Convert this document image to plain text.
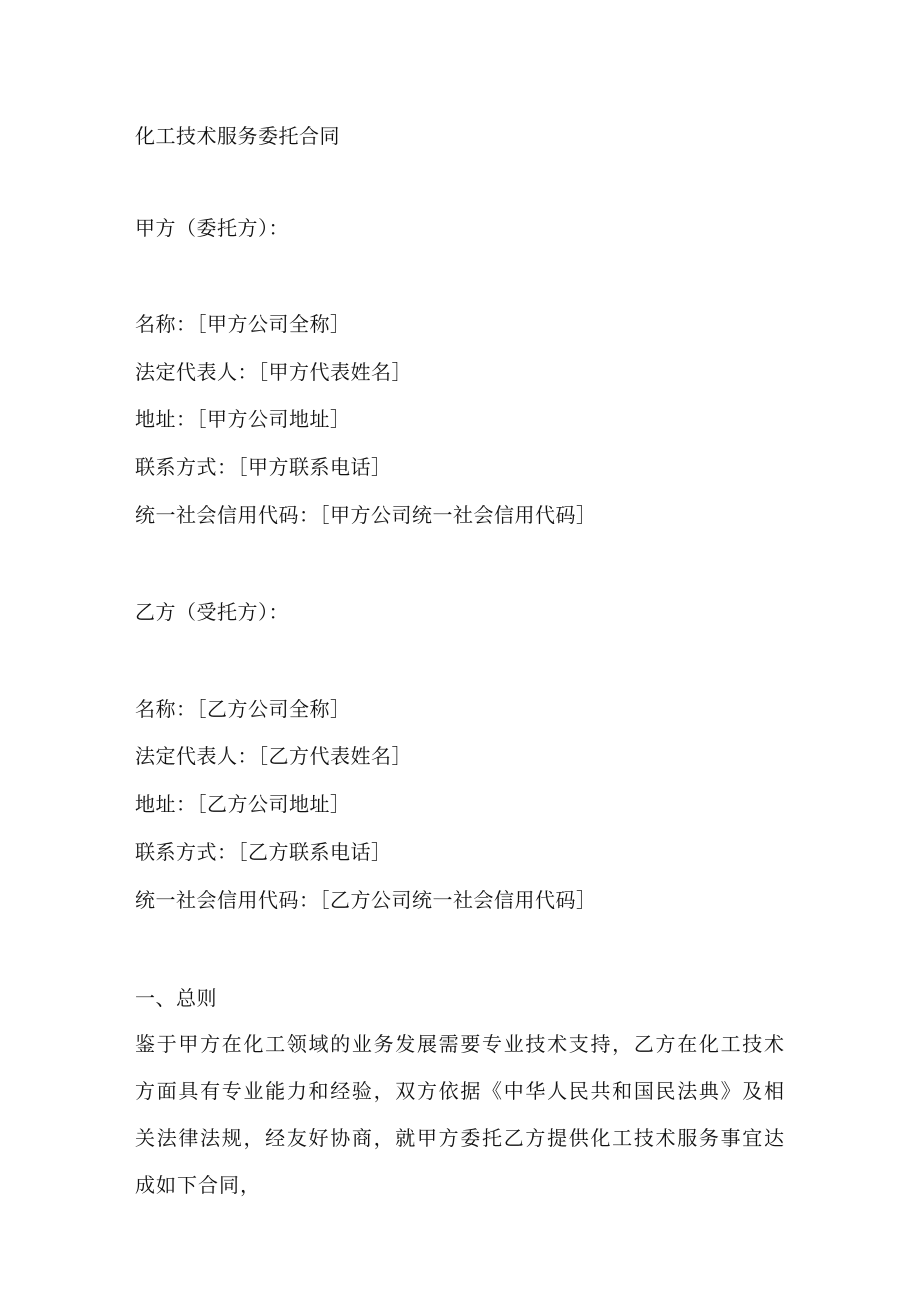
化工技术服务委托合同
甲方（委托方）：
名称：［甲方公司全称］
法定代表人：［甲方代表姓名］
地址：［甲方公司地址］
联系方式：［甲方联系电话］
统一社会信用代码：［甲方公司统一社会信用代码］
乙方（受托方）：
名称：［乙方公司全称］
法定代表人：［乙方代表姓名］
地址：［乙方公司地址］
联系方式：［乙方联系电话］
统一社会信用代码：［乙方公司统一社会信用代码］
一、总则
鉴于甲方在化工领域的业务发展需要专业技术支持，乙方在化工技术方面具有专业能力和经验，双方依据《中华人民共和国民法典》及相关法律法规，经友好协商，就甲方委托乙方提供化工技术服务事宜达成如下合同，
